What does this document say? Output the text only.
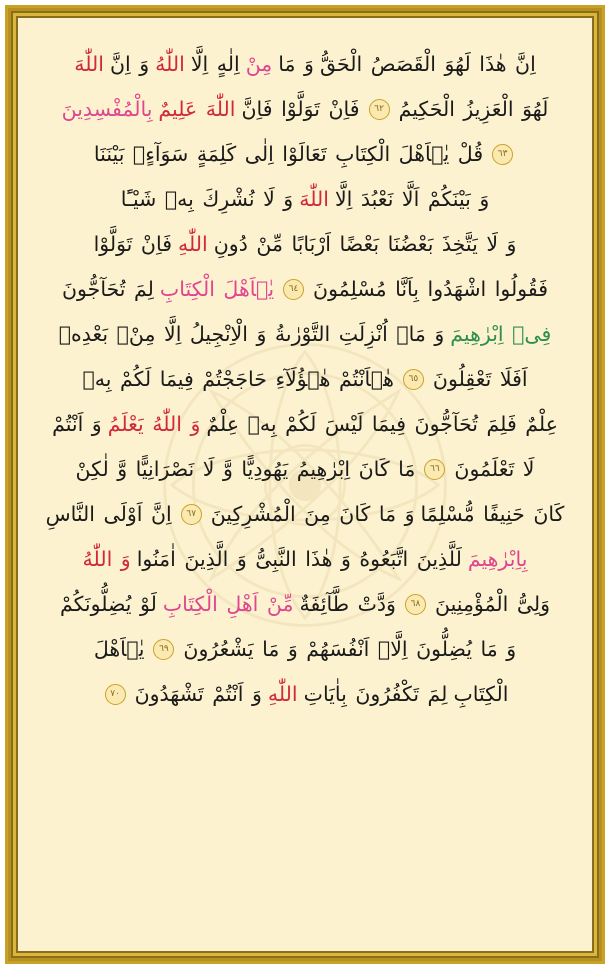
اِنَّ هٰذَا لَهُوَ الْقَصَصُ الْحَقُّ
وَ مَا
مِنْ
اِلٰهٍ اِلَّا
اللّٰهُ
وَ اِنَّ
اللّٰهَ
لَهُوَ الْعَزِيزُ الْحَكِيمُ
٦٢
فَاِنْ تَوَلَّوْا فَاِنَّ
اللّٰهَ عَلِيمٌ
بِالْمُفْسِدِينَ
٦٣
قُلْ يٰۤاَهْلَ الْكِتَابِ تَعَالَوْا اِلٰى كَلِمَةٍ سَوَآءٍۭ بَيْنَنَا
وَ بَيْنَكُمْ اَلَّا نَعْبُدَ اِلَّا
اللّٰهَ
وَ لَا نُشْرِكَ بِهٖ شَيْـًٔا
وَ لَا يَتَّخِذَ بَعْضُنَا بَعْضًا اَرْبَابًا مِّنْ دُونِ
اللّٰهِ
فَاِنْ تَوَلَّوْا
فَقُولُوا اشْهَدُوا بِاَنَّا مُسْلِمُونَ
٦٤
يٰۤاَهْلَ الْكِتَابِ
لِمَ تُحَآجُّونَ
فِىۡ اِبْرٰهِيمَ
وَ مَاۤ اُنْزِلَتِ التَّوْرٰىةُ وَ الْاِنْجِيلُ اِلَّا مِنْۢ بَعْدِهٖ
اَفَلَا تَعْقِلُونَ
٦٥
هٰۤاَنْتُمْ هٰۤؤُلَآءِ حَاجَجْتُمْ فِيمَا لَكُمْ بِهٖ
عِلْمٌ فَلِمَ تُحَآجُّونَ فِيمَا لَيْسَ لَكُمْ بِهٖ عِلْمٌ
وَ اللّٰهُ يَعْلَمُ
وَ اَنْتُمْ
لَا تَعْلَمُونَ
٦٦
مَا كَانَ اِبْرٰهِيمُ يَهُودِيًّا وَّ لَا نَصْرَانِيًّا وَّ لٰكِنْ
كَانَ حَنِيفًا مُّسْلِمًا
وَ مَا كَانَ مِنَ الْمُشْرِكِينَ
٦٧
اِنَّ اَوْلَى النَّاسِ
بِاِبْرٰهِيمَ
لَلَّذِينَ اتَّبَعُوهُ وَ هٰذَا النَّبِىُّ وَ الَّذِينَ اٰمَنُوا
وَ اللّٰهُ
وَلِىُّ الْمُؤْمِنِينَ
٦٨
وَدَّتْ طَّآئِفَةٌ
مِّنْ اَهْلِ الْكِتَابِ
لَوْ يُضِلُّونَكُمْ
وَ مَا يُضِلُّونَ اِلَّاۤ اَنْفُسَهُمْ وَ مَا يَشْعُرُونَ
٦٩
يٰۤاَهْلَ
الْكِتَابِ
لِمَ تَكْفُرُونَ بِاٰيَاتِ
اللّٰهِ
وَ اَنْتُمْ تَشْهَدُونَ
٧٠
